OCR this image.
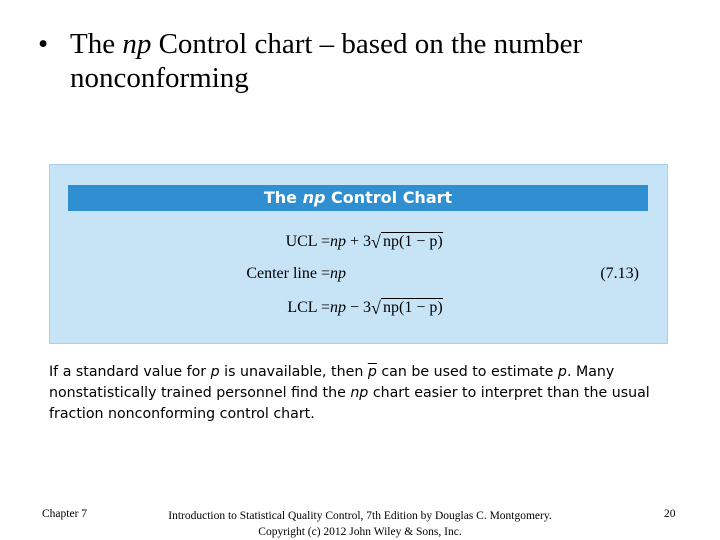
• The np Control chart – based on the number nonconforming
The np Control Chart
UCL =np + 3 √ np(1 − p)
Center line =np
LCL =np − 3 √ np(1 − p)
(7.13)
If a standard value for p is unavailable, then $\overline{p}$ can be used to estimate p. Many nonstatistically trained personnel find the np chart easier to interpret than the usual fraction nonconforming control chart.
Chapter 7	Introduction to Statistical Quality Control, 7th Edition by Douglas C. Montgomery.
Copyright (c) 2012 John Wiley & Sons, Inc.
20
